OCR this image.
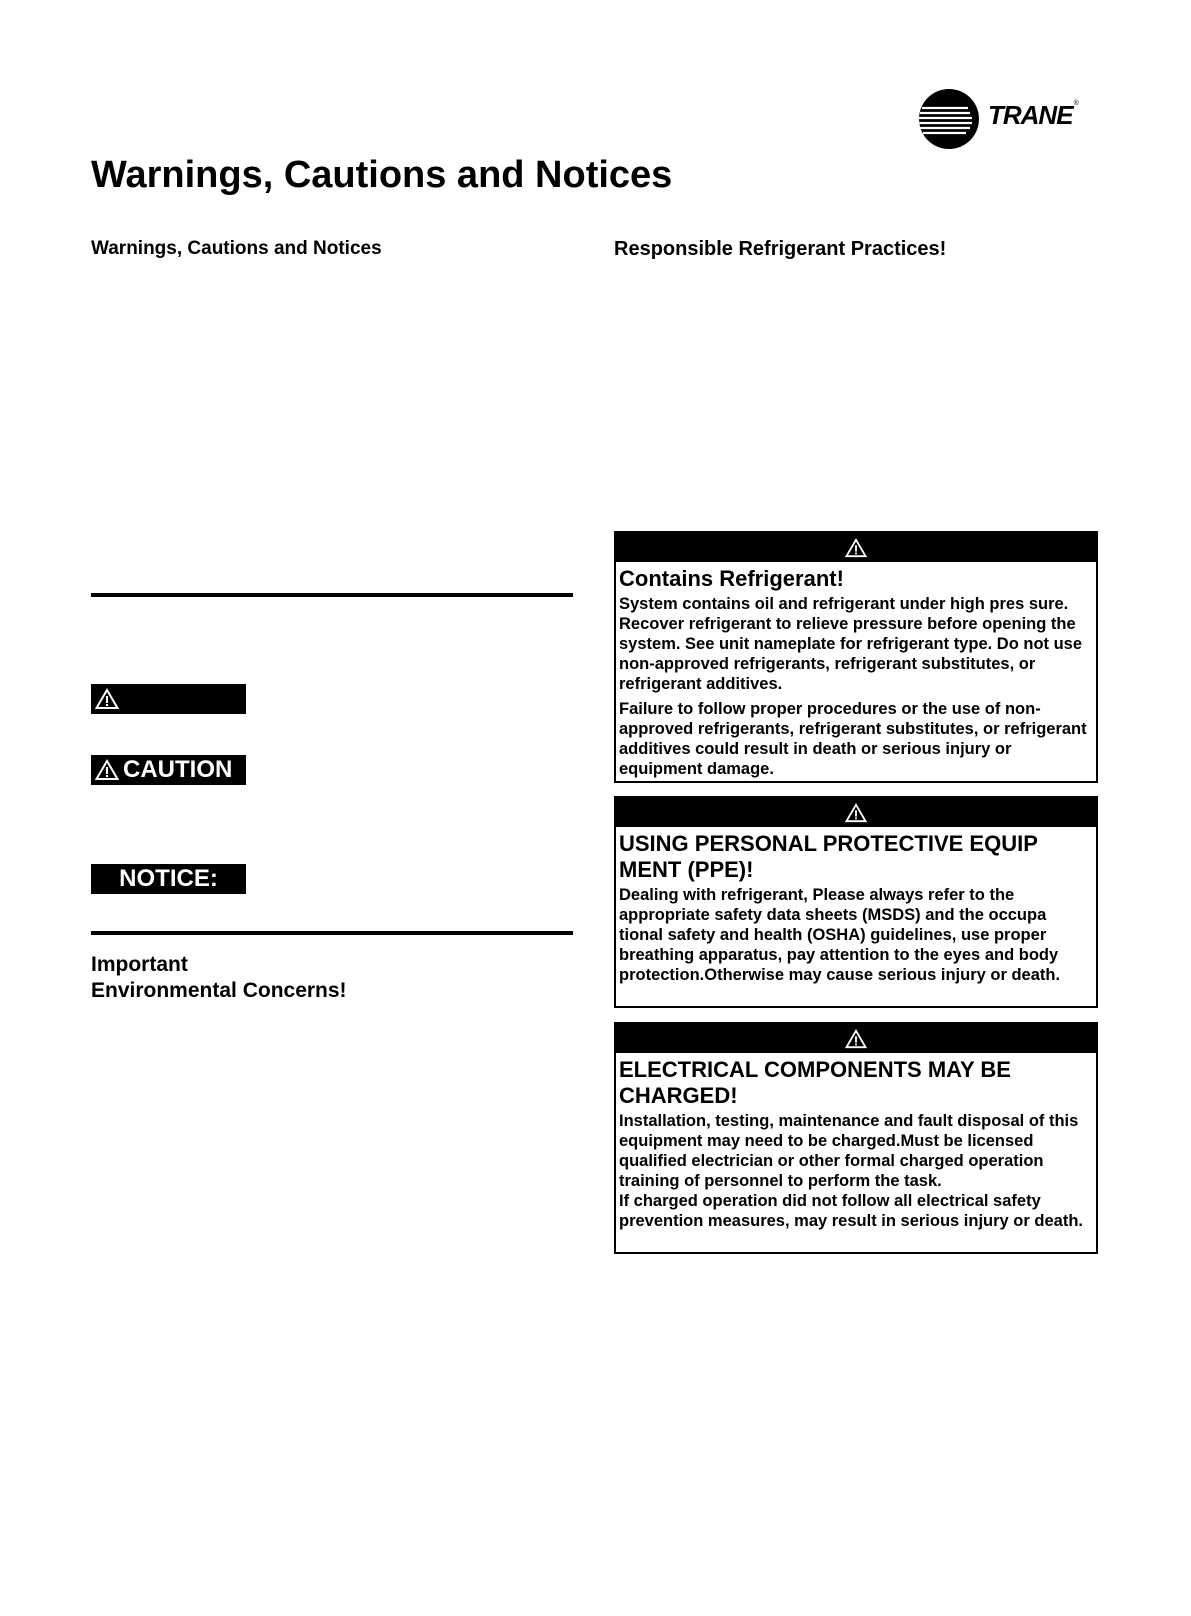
TRANE®
Warnings, Cautions and Notices
Warnings, Cautions and Notices	Responsible Refrigerant Practices!
CAUTION
NOTICE:
Important
Environmental Concerns!
Contains Refrigerant!

System contains oil and refrigerant under high pres sure. Recover refrigerant to relieve pressure before opening the system. See unit nameplate for refrigerant type. Do not use non-approved refrigerants, refrigerant substitutes, or refrigerant additives.

Failure to follow proper procedures or the use of non-approved refrigerants, refrigerant substitutes, or refrigerant additives could result in death or serious injury or equipment damage.

USING PERSONAL PROTECTIVE EQUIP MENT (PPE)!

Dealing with refrigerant, Please always refer to the appropriate safety data sheets (MSDS) and the occupa tional safety and health (OSHA) guidelines, use proper breathing apparatus, pay attention to the eyes and body protection.Otherwise may cause serious injury or death.

ELECTRICAL COMPONENTS MAY BE CHARGED!

Installation, testing, maintenance and fault disposal of this equipment may need to be charged.Must be licensed qualified electrician or other formal charged operation training of personnel to perform the task.

If charged operation did not follow all electrical safety prevention measures, may result in serious injury or death.
